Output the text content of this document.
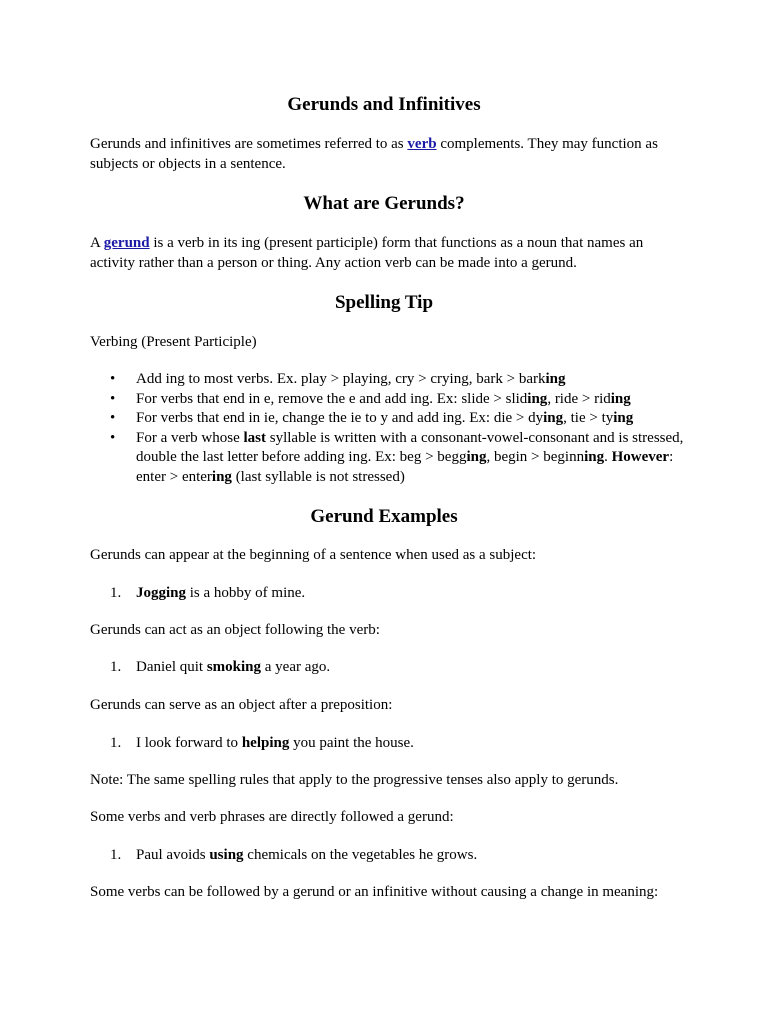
Gerunds and Infinitives

Gerunds and infinitives are sometimes referred to as verb complements. They may function as subjects or objects in a sentence.

What are Gerunds?

A gerund is a verb in its ing (present participle) form that functions as a noun that names an activity rather than a person or thing. Any action verb can be made into a gerund.

Spelling Tip

Verbing (Present Participle)

• Add ing to most verbs. Ex. play > playing, cry > crying, bark > barking
• For verbs that end in e, remove the e and add ing. Ex: slide > sliding, ride > riding
• For verbs that end in ie, change the ie to y and add ing. Ex: die > dying, tie > tying
• For a verb whose last syllable is written with a consonant-vowel-consonant and is stressed, double the last letter before adding ing. Ex: beg > begging, begin > beginning. However: enter > entering (last syllable is not stressed)
Gerund Examples

Gerunds can appear at the beginning of a sentence when used as a subject:

1. Jogging is a hobby of mine.

Gerunds can act as an object following the verb:

1. Daniel quit smoking a year ago.

Gerunds can serve as an object after a preposition:

1. I look forward to helping you paint the house.

Note: The same spelling rules that apply to the progressive tenses also apply to gerunds.

Some verbs and verb phrases are directly followed a gerund:

1. Paul avoids using chemicals on the vegetables he grows.

Some verbs can be followed by a gerund or an infinitive without causing a change in meaning:
